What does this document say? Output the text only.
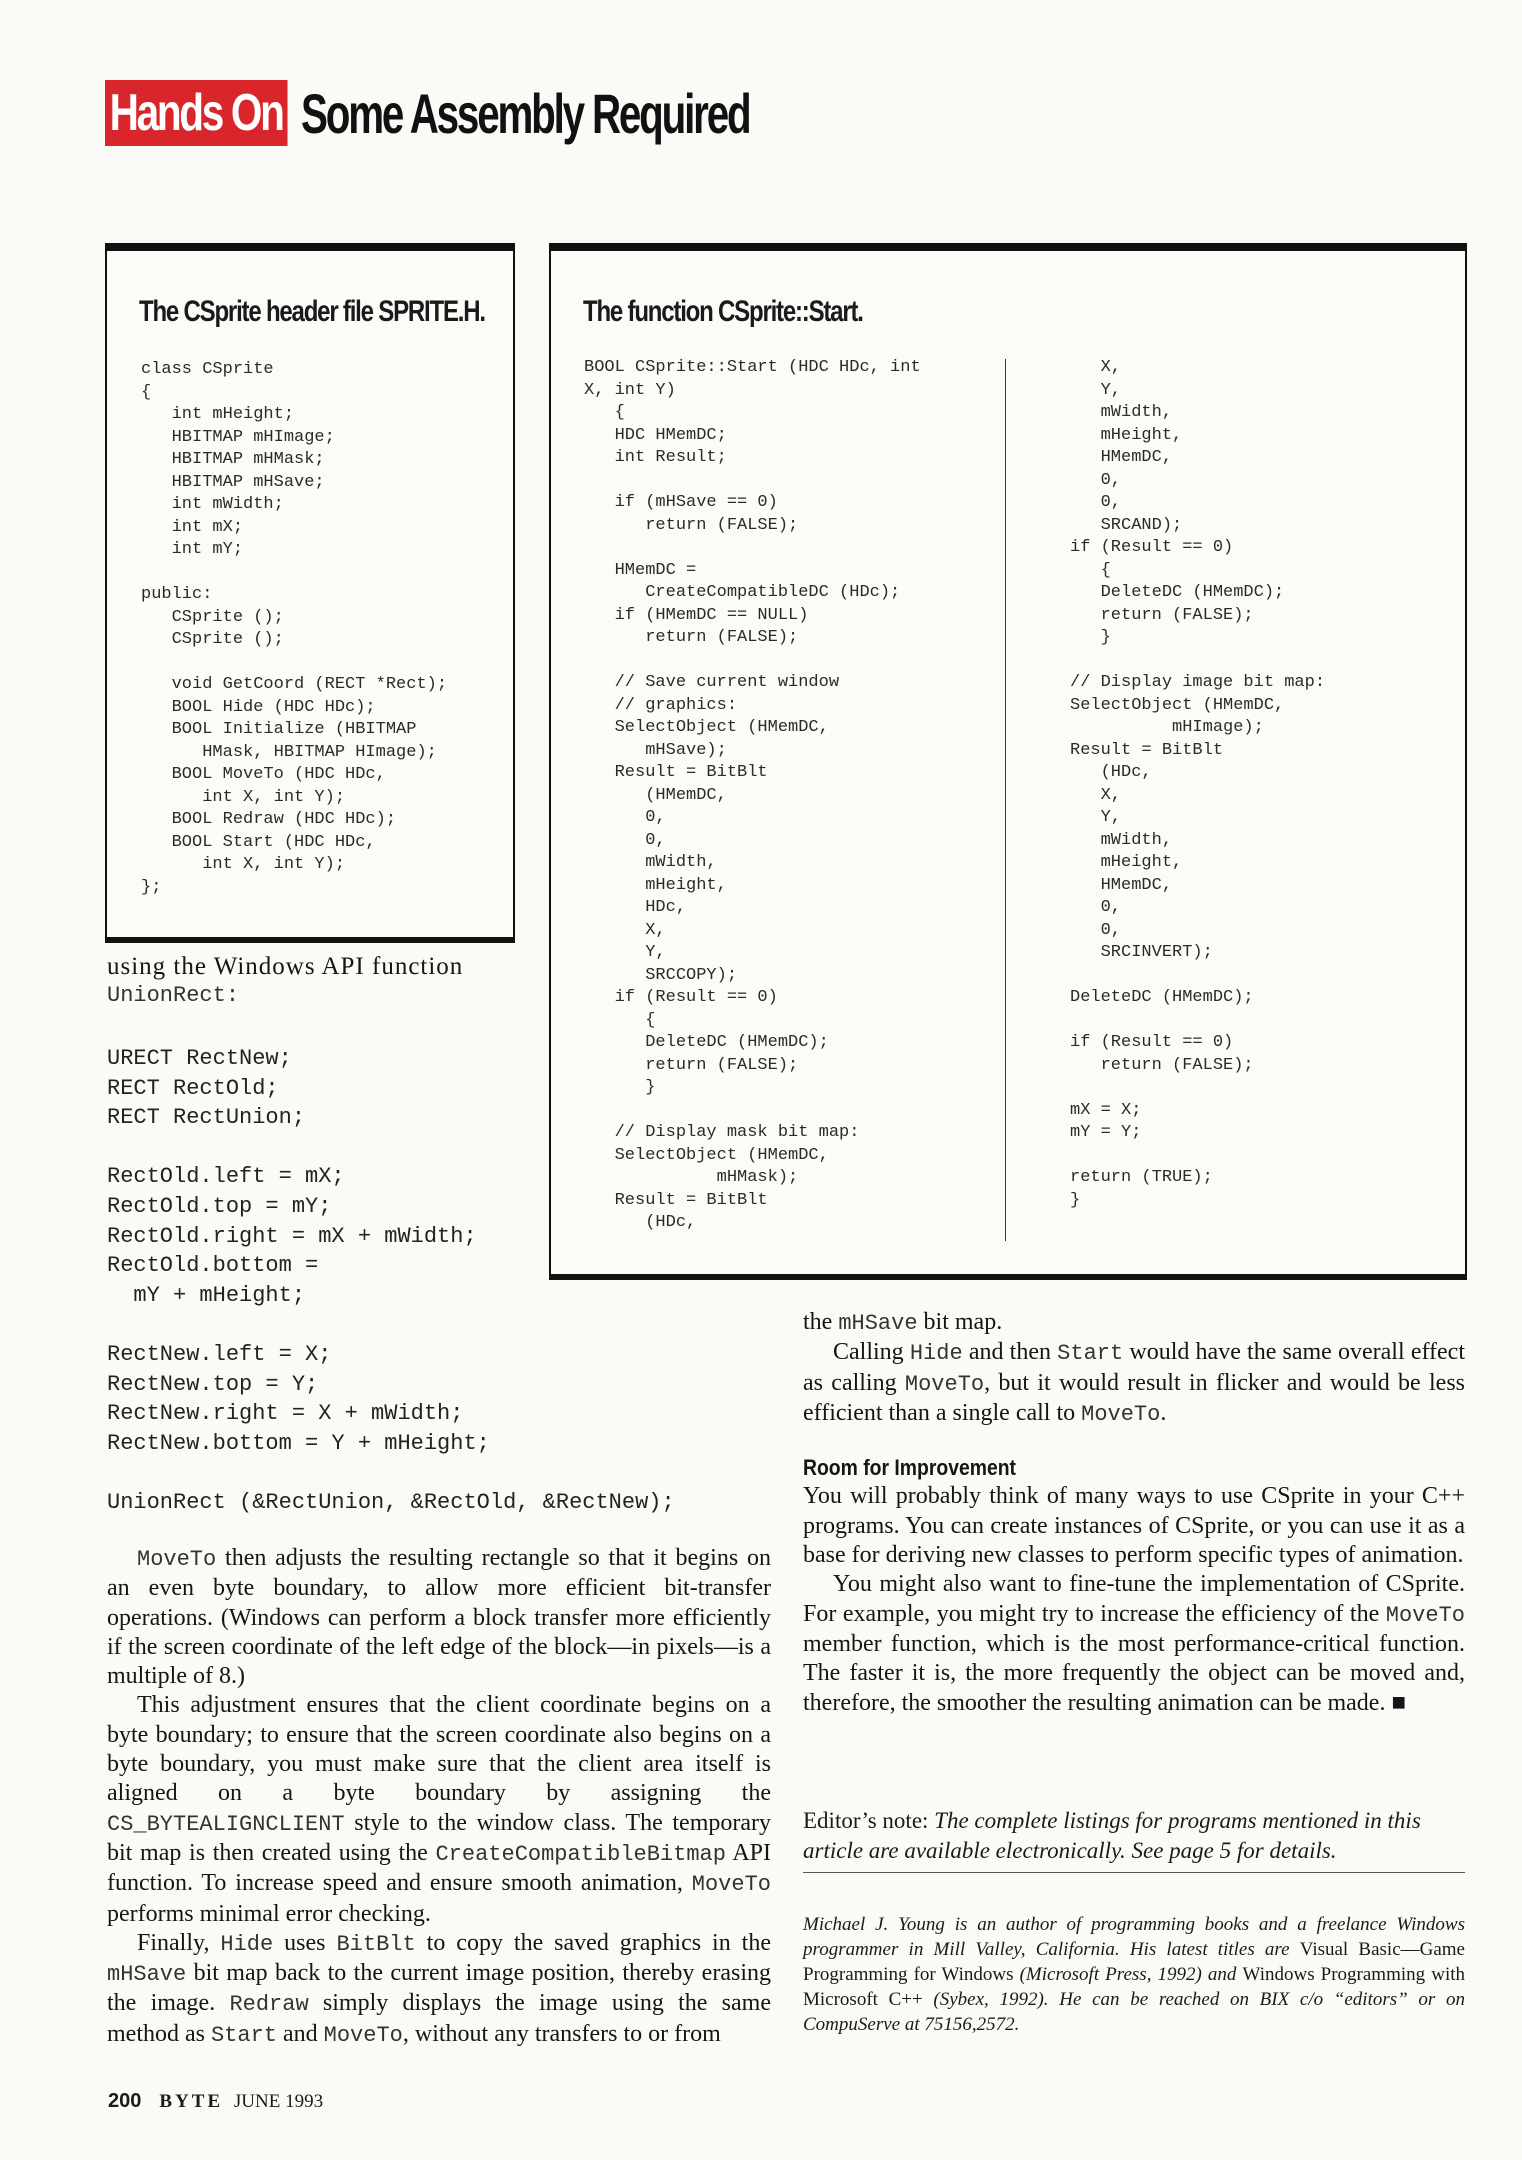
Hands On Some Assembly Required
The CSprite header file SPRITE.H.
class CSprite
{
int mHeight;
HBITMAP mHImage;
HBITMAP mHMask;
HBITMAP mHSave;
int mWidth;
int mX;
int mY;

public:
CSprite ();
CSprite ();

void GetCoord (RECT *Rect);
BOOL Hide (HDC HDc);
BOOL Initialize (HBITMAP
HMask, HBITMAP HImage);
BOOL MoveTo (HDC HDc,
int X, int Y);
BOOL Redraw (HDC HDc);
BOOL Start (HDC HDc,
int X, int Y);
};
The function CSprite::Start.
BOOL CSprite::Start (HDC HDc, int
X, int Y)
{
HDC HMemDC;
int Result;

if (mHSave == 0)
return (FALSE);

HMemDC =
CreateCompatibleDC (HDc);
if (HMemDC == NULL)
return (FALSE);

// Save current window
// graphics:
SelectObject (HMemDC,
mHSave);
Result = BitBlt
(HMemDC,
0,
0,
mWidth,
mHeight,
HDc,
X,
Y,
SRCCOPY);
if (Result == 0)
{
DeleteDC (HMemDC);
return (FALSE);
}

// Display mask bit map:
SelectObject (HMemDC,
mHMask);
Result = BitBlt
(HDc,
X,
Y,
mWidth,
mHeight,
HMemDC,
0,
0,
SRCAND);
if (Result == 0)
{
DeleteDC (HMemDC);
return (FALSE);
}

// Display image bit map:
SelectObject (HMemDC,
mHImage);
Result = BitBlt
(HDc,
X,
Y,
mWidth,
mHeight,
HMemDC,
0,
0,
SRCINVERT);

DeleteDC (HMemDC);

if (Result == 0)
return (FALSE);

mX = X;
mY = Y;

return (TRUE);
}
using the Windows API function
UnionRect:
URECT RectNew;
RECT RectOld;
RECT RectUnion;

RectOld.left = mX;
RectOld.top = mY;
RectOld.right = mX + mWidth;
RectOld.bottom =
mY + mHeight;

RectNew.left = X;
RectNew.top = Y;
RectNew.right = X + mWidth;
RectNew.bottom = Y + mHeight;

UnionRect (&RectUnion, &RectOld, &RectNew);

MoveTo then adjusts the resulting rectangle so that it begins on an even byte boundary, to allow more efficient bit-transfer operations. (Windows can perform a block transfer more efficiently if the screen coordinate of the left edge of the block—in pixels—is a multiple of 8.)

This adjustment ensures that the client coordinate begins on a byte boundary; to ensure that the screen coordinate also begins on a byte boundary, you must make sure that the client area itself is aligned on a byte boundary by assigning the CS_BYTEALIGNCLIENT style to the window class. The temporary bit map is then created using the CreateCompatibleBitmap API function. To increase speed and ensure smooth animation, MoveTo performs minimal error checking.

Finally, Hide uses BitBlt to copy the saved graphics in the mHSave bit map back to the current image position, thereby erasing the image. Redraw simply displays the image using the same method as Start and MoveTo, without any transfers to or from

the mHSave bit map.

Calling Hide and then Start would have the same overall effect as calling MoveTo, but it would result in flicker and would be less efficient than a single call to MoveTo.

Room for Improvement

You will probably think of many ways to use CSprite in your C++ programs. You can create instances of CSprite, or you can use it as a base for deriving new classes to perform specific types of animation.

You might also want to fine-tune the implementation of CSprite. For example, you might try to increase the efficiency of the MoveTo member function, which is the most performance-critical function. The faster it is, the more frequently the object can be moved and, therefore, the smoother the resulting animation can be made. ■

Editor’s note: The complete listings for programs mentioned in this article are available electronically. See page 5 for details.
Michael J. Young is an author of programming books and a freelance Windows programmer in Mill Valley, California. His latest titles are Visual Basic—Game Programming for Windows (Microsoft Press, 1992) and Windows Programming with Microsoft C++ (Sybex, 1992). He can be reached on BIX c/o “editors” or on CompuServe at 75156,2572.
200 BYTE JUNE 1993
